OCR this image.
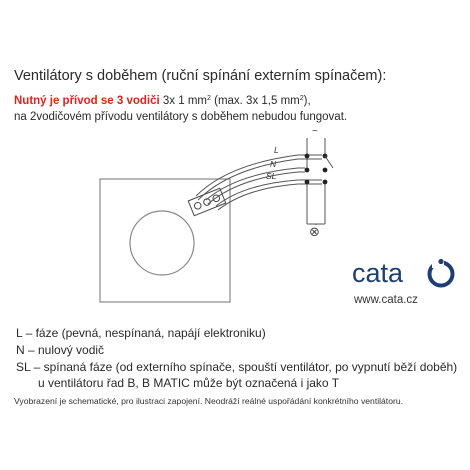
Ventilátory s doběhem (ruční spínání externím spínačem):
Nutný je přívod se 3 vodiči 3x 1 $mm^2$ (max. 3x 1,5 $mm^2$),
na 2vodičovém přívodu ventilátory s doběhem nebudou fungovat.
L
N
SL
~
⊗
cata
www.cata.cz
L – fáze (pevná, nespínaná, napájí elektroniku)
N – nulový vodič
SL – spínaná fáze (od externího spínače, spouští ventilátor, po vypnutí běží doběh)
u ventilátoru řad B, B MATIC může být označená i jako T
Vyobrazení je schematické, pro ilustraci zapojení. Neodráží reálné uspořádání konkrétního ventilátoru.
